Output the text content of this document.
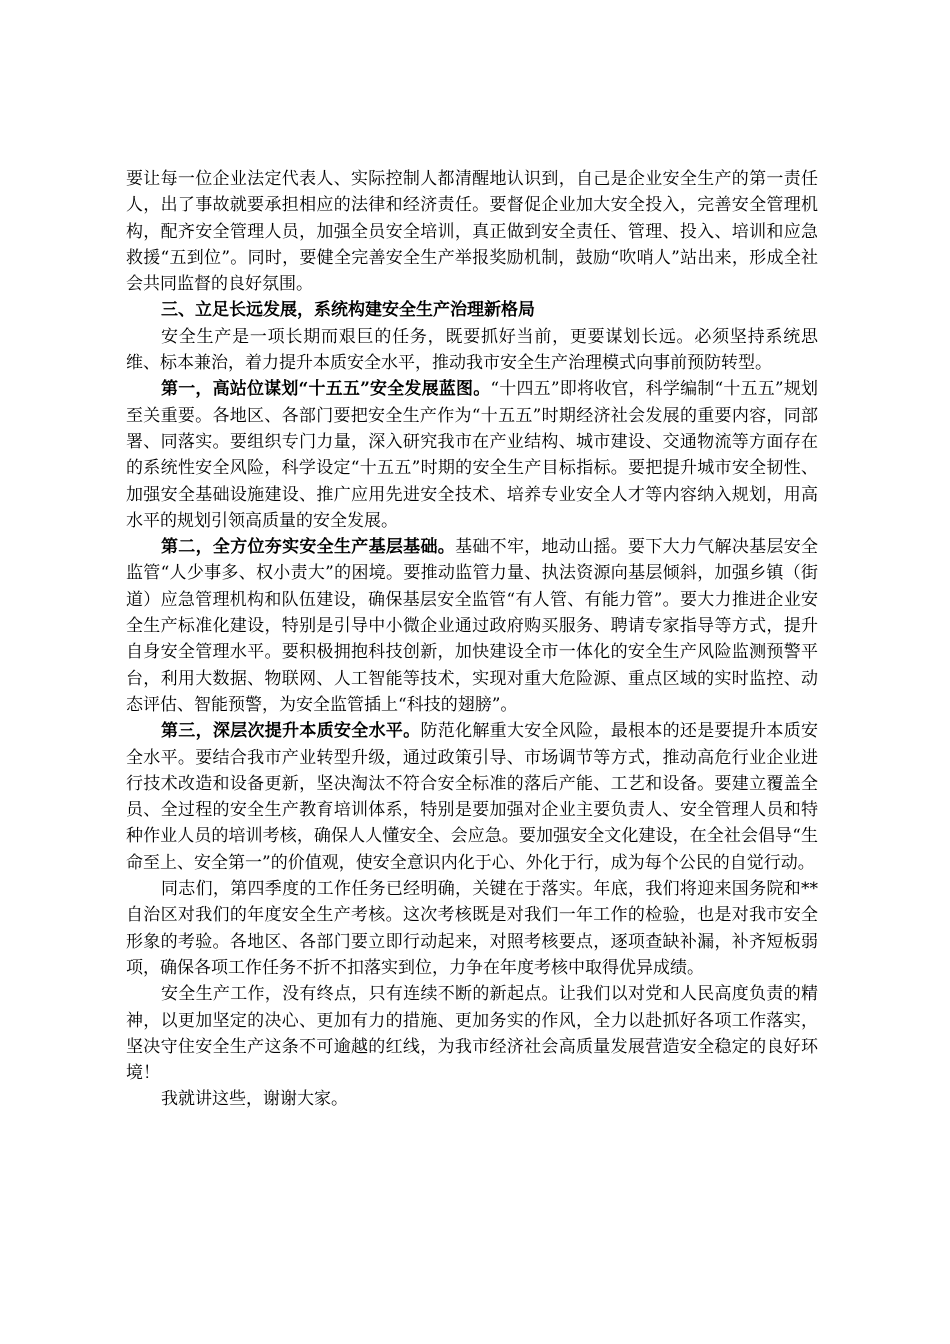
要让每一位企业法定代表人、实际控制人都清醒地认识到，自己是企业安全生产的第一责任人，出了事故就要承担相应的法律和经济责任。要督促企业加大安全投入，完善安全管理机构，配齐安全管理人员，加强全员安全培训，真正做到安全责任、管理、投入、培训和应急救援“五到位”。同时，要健全完善安全生产举报奖励机制，鼓励“吹哨人”站出来，形成全社会共同监督的良好氛围。

三、立足长远发展，系统构建安全生产治理新格局

安全生产是一项长期而艰巨的任务，既要抓好当前，更要谋划长远。必须坚持系统思维、标本兼治，着力提升本质安全水平，推动我市安全生产治理模式向事前预防转型。

第一，高站位谋划“十五五”安全发展蓝图。“十四五”即将收官，科学编制“十五五”规划至关重要。各地区、各部门要把安全生产作为“十五五”时期经济社会发展的重要内容，同部署、同落实。要组织专门力量，深入研究我市在产业结构、城市建设、交通物流等方面存在的系统性安全风险，科学设定“十五五”时期的安全生产目标指标。要把提升城市安全韧性、加强安全基础设施建设、推广应用先进安全技术、培养专业安全人才等内容纳入规划，用高水平的规划引领高质量的安全发展。

第二，全方位夯实安全生产基层基础。基础不牢，地动山摇。要下大力气解决基层安全监管“人少事多、权小责大”的困境。要推动监管力量、执法资源向基层倾斜，加强乡镇（街道）应急管理机构和队伍建设，确保基层安全监管“有人管、有能力管”。要大力推进企业安全生产标准化建设，特别是引导中小微企业通过政府购买服务、聘请专家指导等方式，提升自身安全管理水平。要积极拥抱科技创新，加快建设全市一体化的安全生产风险监测预警平台，利用大数据、物联网、人工智能等技术，实现对重大危险源、重点区域的实时监控、动态评估、智能预警，为安全监管插上“科技的翅膀”。

第三，深层次提升本质安全水平。防范化解重大安全风险，最根本的还是要提升本质安全水平。要结合我市产业转型升级，通过政策引导、市场调节等方式，推动高危行业企业进行技术改造和设备更新，坚决淘汰不符合安全标准的落后产能、工艺和设备。要建立覆盖全员、全过程的安全生产教育培训体系，特别是要加强对企业主要负责人、安全管理人员和特种作业人员的培训考核，确保人人懂安全、会应急。要加强安全文化建设，在全社会倡导“生命至上、安全第一”的价值观，使安全意识内化于心、外化于行，成为每个公民的自觉行动。

同志们，第四季度的工作任务已经明确，关键在于落实。年底，我们将迎来国务院和**自治区对我们的年度安全生产考核。这次考核既是对我们一年工作的检验，也是对我市安全形象的考验。各地区、各部门要立即行动起来，对照考核要点，逐项查缺补漏，补齐短板弱项，确保各项工作任务不折不扣落实到位，力争在年度考核中取得优异成绩。

安全生产工作，没有终点，只有连续不断的新起点。让我们以对党和人民高度负责的精神，以更加坚定的决心、更加有力的措施、更加务实的作风，全力以赴抓好各项工作落实，坚决守住安全生产这条不可逾越的红线，为我市经济社会高质量发展营造安全稳定的良好环境！

我就讲这些，谢谢大家。
